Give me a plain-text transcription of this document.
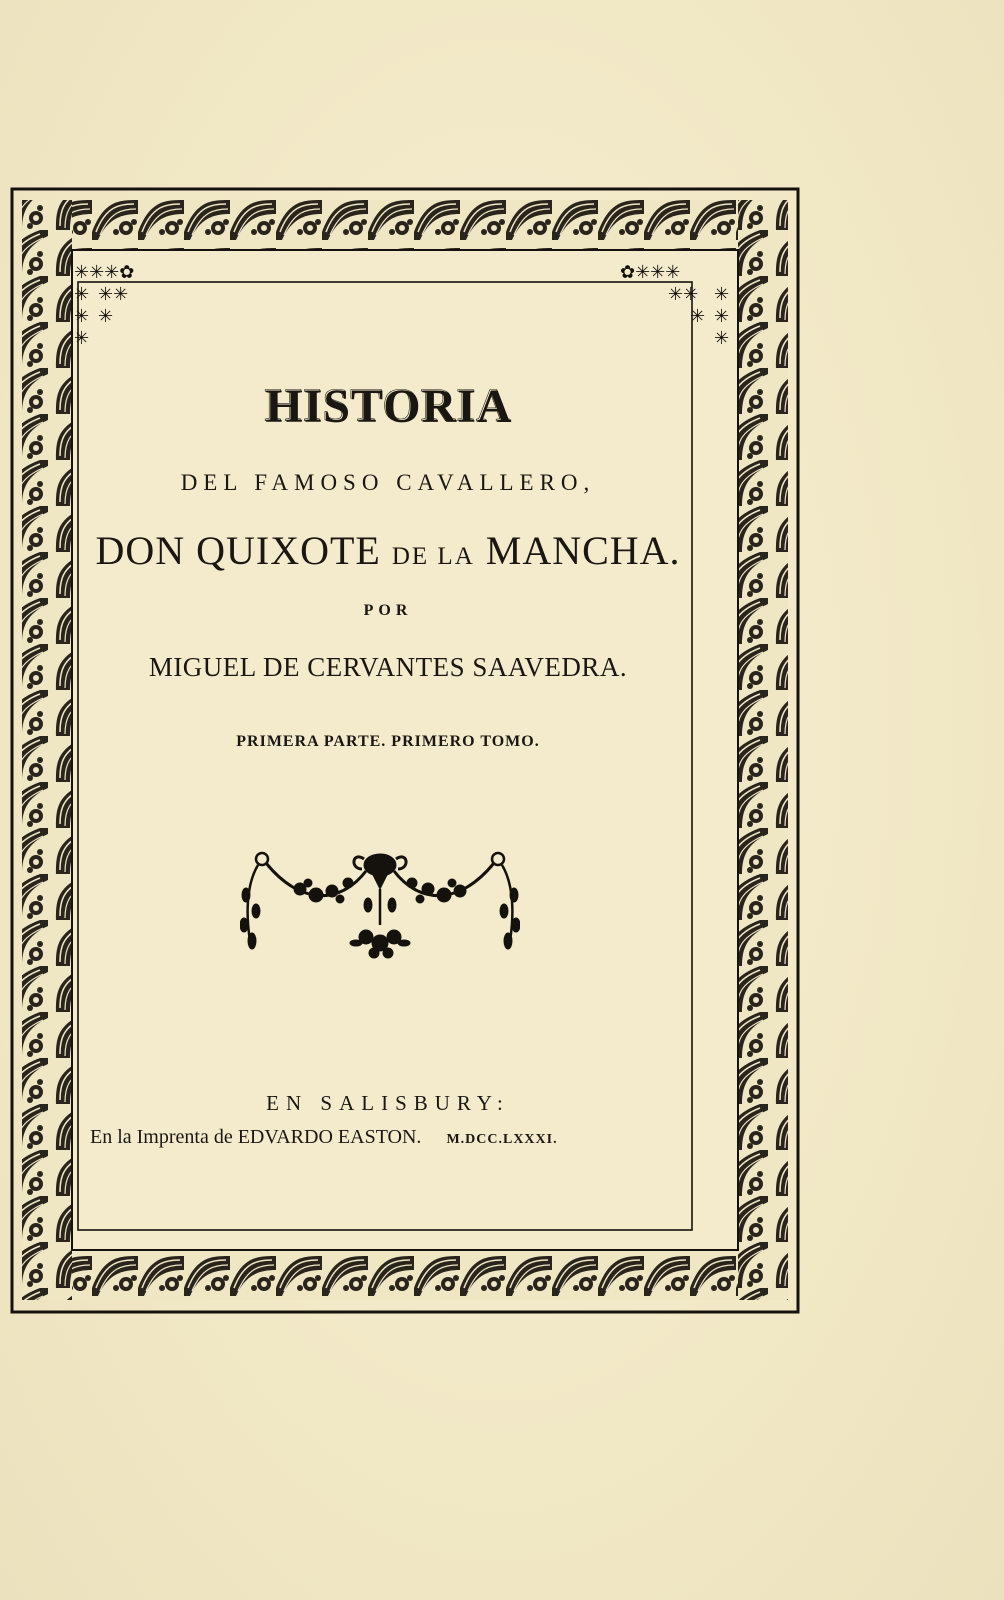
✳✳✳✿
✳
✳
✳
✳✳
✳
✿✳✳✳
✳
✳
✳
✳✳
✳
HISTORIA
DEL FAMOSO CAVALLERO,
DON QUIXOTE DE LA MANCHA.
POR
MIGUEL DE CERVANTES SAAVEDRA.
PRIMERA PARTE. PRIMERO TOMO.
EN SALISBURY:
En la Imprenta de EDVARDO EASTON. M.DCC.LXXXI.
